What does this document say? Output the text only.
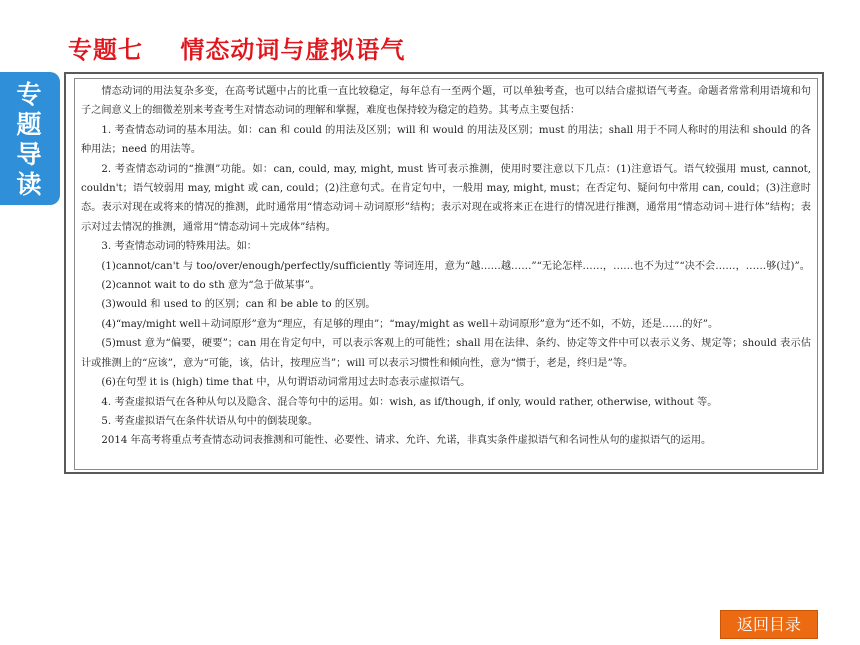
专题七    情态动词与虚拟语气
专题导读

情态动词的用法复杂多变，在高考试题中占的比重一直比较稳定，每年总有一至两个题，可以单独考查，也可以结合虚拟语气考查。命题者常常利用语境和句子之间意义上的细微差别来考查考生对情态动词的理解和掌握，难度也保持较为稳定的趋势。其考点主要包括：

1. 考查情态动词的基本用法。如：can 和 could 的用法及区别；will 和 would 的用法及区别；must 的用法；shall 用于不同人称时的用法和 should 的各种用法；need 的用法等。

2. 考查情态动词的“推测”功能。如：can, could, may, might, must 皆可表示推测，使用时要注意以下几点：(1)注意语气。语气较强用 must, cannot, couldn't；语气较弱用 may, might 或 can, could；(2)注意句式。在肯定句中，一般用 may, might, must；在否定句、疑问句中常用 can, could；(3)注意时态。表示对现在或将来的情况的推测，此时通常用“情态动词＋动词原形”结构；表示对现在或将来正在进行的情况进行推测，通常用“情态动词＋进行体”结构；表示对过去情况的推测，通常用“情态动词＋完成体”结构。

3. 考查情态动词的特殊用法。如：

(1)cannot/can't 与 too/over/enough/perfectly/sufficiently 等词连用，意为“越……越……”“无论怎样……，……也不为过”“决不会……，……够(过)”。

(2)cannot wait to do sth 意为“急于做某事”。

(3)would 和 used to 的区别；can 和 be able to 的区别。

(4)“may/might well＋动词原形”意为“理应，有足够的理由”；“may/might as well＋动词原形”意为“还不如，不妨，还是……的好”。

(5)must 意为“偏要，硬要”；can 用在肯定句中，可以表示客观上的可能性；shall 用在法律、条约、协定等文件中可以表示义务、规定等；should 表示估计或推测上的“应该”，意为“可能，该，估计，按理应当”；will 可以表示习惯性和倾向性，意为“惯于，老是，终归是”等。

(6)在句型 it is (high) time that 中，从句谓语动词常用过去时态表示虚拟语气。

4. 考查虚拟语气在各种从句以及隐含、混合等句中的运用。如：wish, as if/though, if only, would rather, otherwise, without 等。

5. 考查虚拟语气在条件状语从句中的倒装现象。

2014 年高考将重点考查情态动词表推测和可能性、必要性、请求、允许、允诺，非真实条件虚拟语气和名词性从句的虚拟语气的运用。

返回目录
